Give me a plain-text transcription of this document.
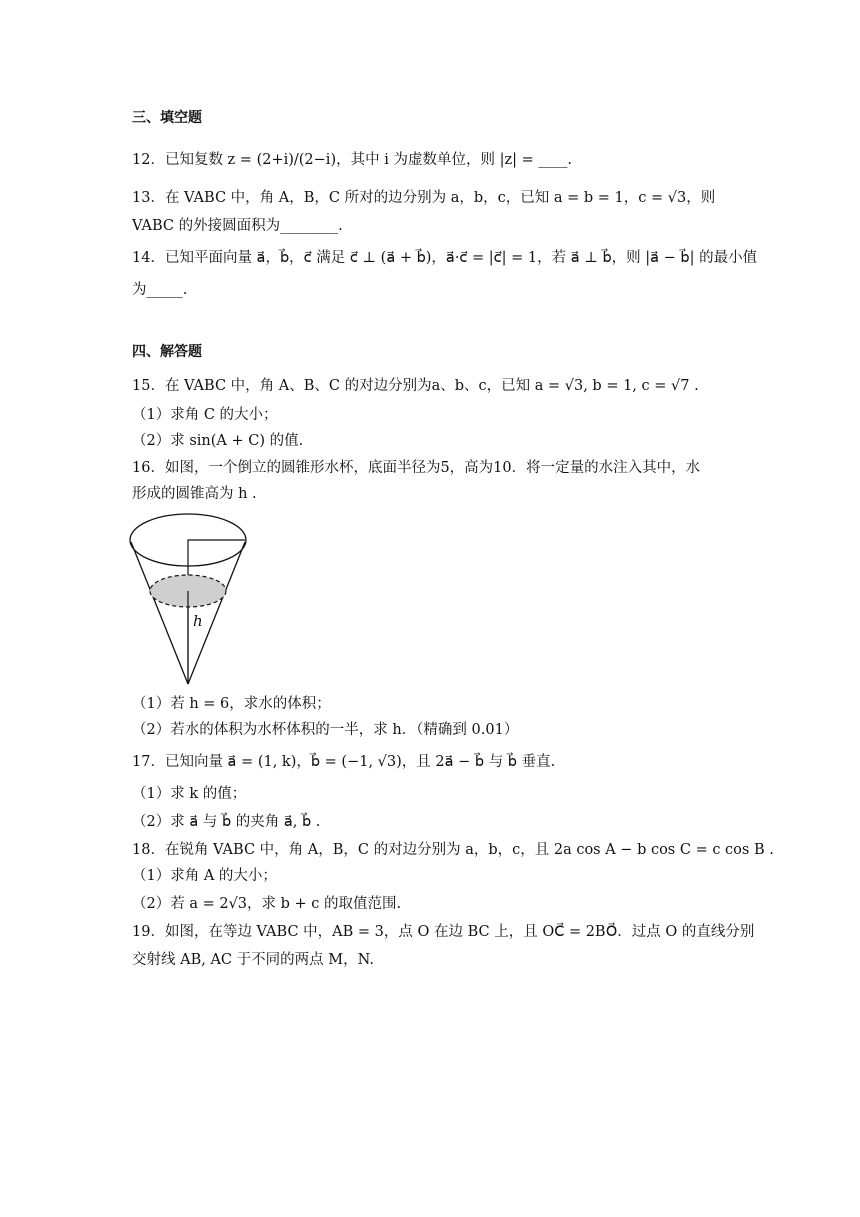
三、填空题
12．已知复数 z = (2+i)/(2−i)，其中 i 为虚数单位，则 |z| = ____.
13．在 VABC 中，角 A，B，C 所对的边分别为 a，b，c，已知 a = b = 1，c = √3，则
VABC 的外接圆面积为________.
14．已知平面向量 a⃗，b⃗，c⃗ 满足 c⃗ ⊥ (a⃗ + b⃗)，a⃗·c⃗ = |c⃗| = 1，若 a⃗ ⊥ b⃗，则 |a⃗ − b⃗| 的最小值
为_____.
四、解答题
15．在 VABC 中，角 A、B、C 的对边分别为a、b、c，已知 a = √3, b = 1, c = √7 .
（1）求角 C 的大小；
（2）求 sin(A + C) 的值.
16．如图，一个倒立的圆锥形水杯，底面半径为5，高为10．将一定量的水注入其中，水
形成的圆锥高为 h .
h
（1）若 h = 6，求水的体积；
（2）若水的体积为水杯体积的一半，求 h．（精确到 0.01）
17．已知向量 a⃗ = (1, k)，b⃗ = (−1, √3)，且 2a⃗ − b⃗ 与 b⃗ 垂直.
（1）求 k 的值；
（2）求 a⃗ 与 b⃗ 的夹角 a⃗, b⃗ .
18．在锐角 VABC 中，角 A，B，C 的对边分别为 a，b，c，且 2a cos A − b cos C = c cos B .
（1）求角 A 的大小；
（2）若 a = 2√3，求 b + c 的取值范围.
19．如图，在等边 VABC 中，AB = 3，点 O 在边 BC 上，且 OC⃗ = 2BO⃗．过点 O 的直线分别
交射线 AB, AC 于不同的两点 M，N.
